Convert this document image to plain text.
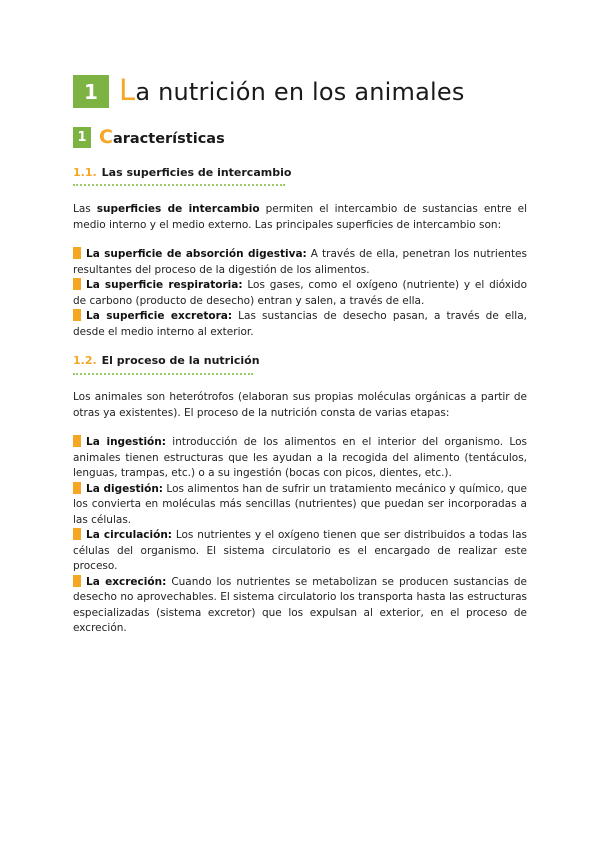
1 La nutrición en los animales
1 Características
1.1. Las superficies de intercambio
Las superficies de intercambio permiten el intercambio de sustancias entre el medio interno y el medio externo. Las principales superficies de intercambio son:

La superficie de absorción digestiva: A través de ella, penetran los nutrientes resultantes del proceso de la digestión de los alimentos.

La superficie respiratoria: Los gases, como el oxígeno (nutriente) y el dióxido de carbono (producto de desecho) entran y salen, a través de ella.

La superficie excretora: Las sustancias de desecho pasan, a través de ella, desde el medio interno al exterior.

1.2. El proceso de la nutrición
Los animales son heterótrofos (elaboran sus propias moléculas orgánicas a partir de otras ya existentes). El proceso de la nutrición consta de varias etapas:

La ingestión: introducción de los alimentos en el interior del organismo. Los animales tienen estructuras que les ayudan a la recogida del alimento (tentáculos, lenguas, trampas, etc.) o a su ingestión (bocas con picos, dientes, etc.).

La digestión: Los alimentos han de sufrir un tratamiento mecánico y químico, que los convierta en moléculas más sencillas (nutrientes) que puedan ser incorporadas a las células.

La circulación: Los nutrientes y el oxígeno tienen que ser distribuidos a todas las células del organismo. El sistema circulatorio es el encargado de realizar este proceso.

La excreción: Cuando los nutrientes se metabolizan se producen sustancias de desecho no aprovechables. El sistema circulatorio los transporta hasta las estructuras especializadas (sistema excretor) que los expulsan al exterior, en el proceso de excreción.
